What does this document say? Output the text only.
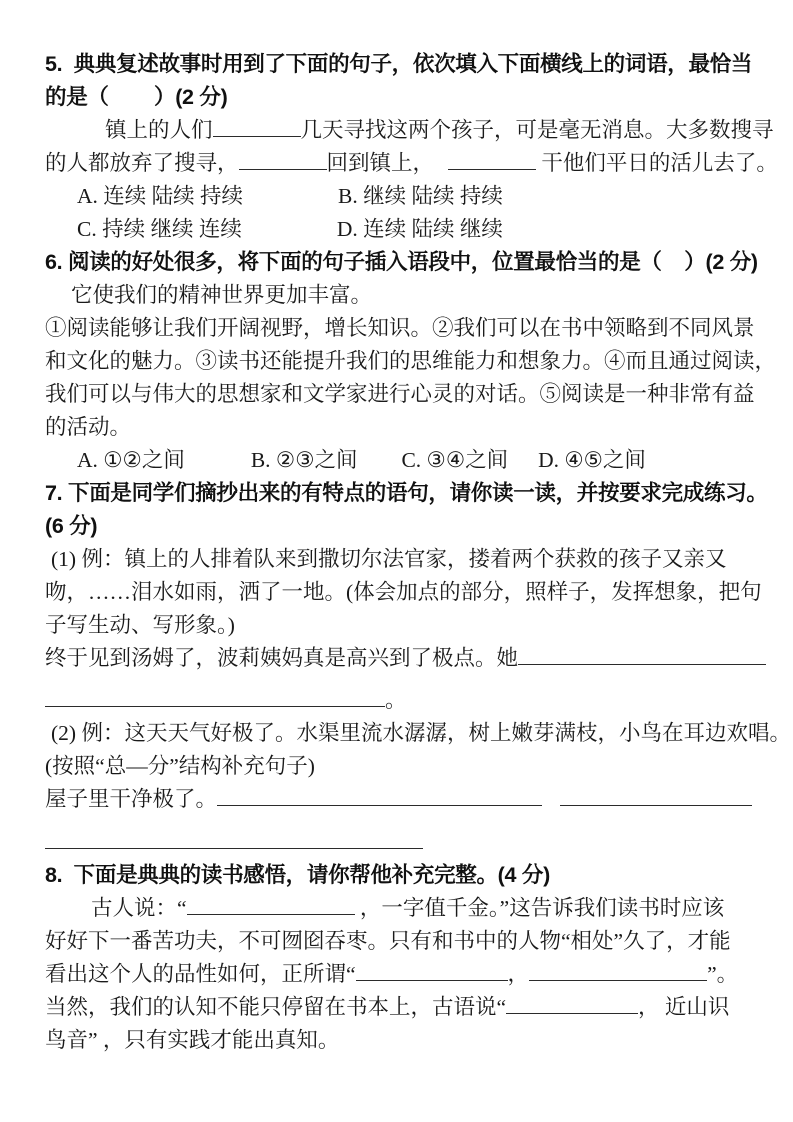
5.  典典复述故事时用到了下面的句子，依次填入下面横线上的词语，最恰当
的是（        ）(2 分)
镇上的人们	几天寻找这两个孩子，可是毫无消息。大多数搜寻
的人都放弃了搜寻，	回到镇上，	干他们平日的活儿去了。
A. 连续 陆续 持续	B. 继续 陆续 持续
C. 持续 继续 连续	D. 连续 陆续 继续
6. 阅读的好处很多，将下面的句子插入语段中，位置最恰当的是（    ）(2 分)
它使我们的精神世界更加丰富。
①阅读能够让我们开阔视野，增长知识。②我们可以在书中领略到不同风景
和文化的魅力。③读书还能提升我们的思维能力和想象力。④而且通过阅读，
我们可以与伟大的思想家和文学家进行心灵的对话。⑤阅读是一种非常有益
的活动。
A. ①②之间	B. ②③之间 C. ③④之间 D. ④⑤之间
7. 下面是同学们摘抄出来的有特点的语句，请你读一读，并按要求完成练习。
(6 分)
(1) 例：镇上的人排着队来到撒切尔法官家，搂着两个获救的孩子又亲又
吻，……泪水如雨，洒了一地。(体会加点的部分，照样子，发挥想象，把句
子写生动、写形象。)
终于见到汤姆了，波莉姨妈真是高兴到了极点。她
。
(2) 例：这天天气好极了。水渠里流水潺潺，树上嫩芽满枝，小鸟在耳边欢唱。
(按照“总—分”结构补充句子)
屋子里干净极了。
8.  下面是典典的读书感悟，请你帮他补充完整。(4 分)
古人说：“	，一字值千金。”这告诉我们读书时应该
好好下一番苦功夫，不可囫囵吞枣。只有和书中的人物“相处”久了，才能
看出这个人的品性如何，正所谓“	，	”。
当然，我们的认知不能只停留在书本上，古语说“	， 近山识
鸟音” ，只有实践才能出真知。
